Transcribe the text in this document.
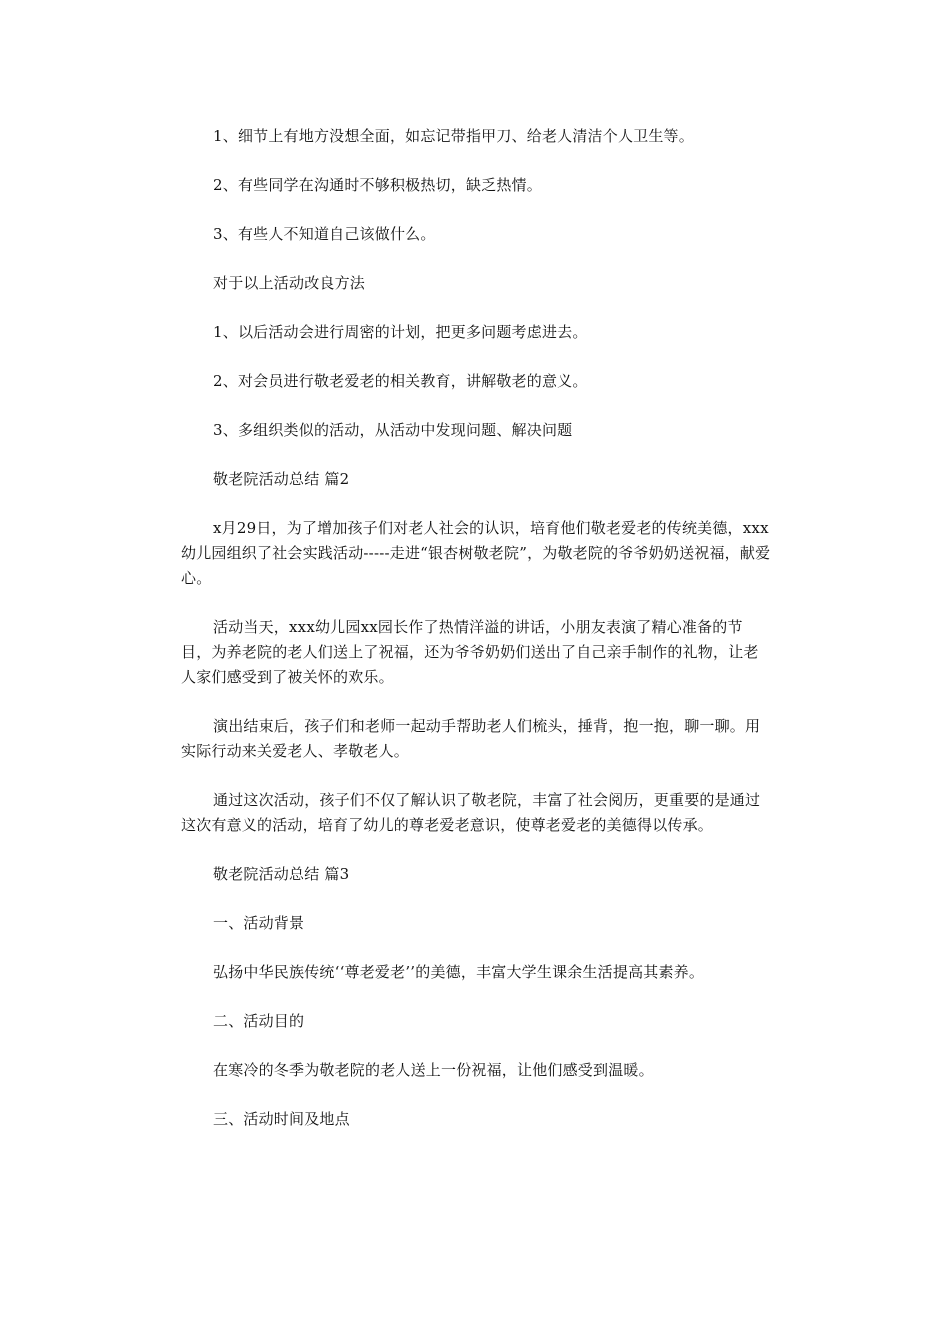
1、细节上有地方没想全面，如忘记带指甲刀、给老人清洁个人卫生等。

2、有些同学在沟通时不够积极热切，缺乏热情。

3、有些人不知道自己该做什么。

对于以上活动改良方法

1、以后活动会进行周密的计划，把更多问题考虑进去。

2、对会员进行敬老爱老的相关教育，讲解敬老的意义。

3、多组织类似的活动，从活动中发现问题、解决问题

敬老院活动总结 篇2

x月29日，为了增加孩子们对老人社会的认识，培育他们敬老爱老的传统美德，xxx幼儿园组织了社会实践活动-----走进“银杏树敬老院”，为敬老院的爷爷奶奶送祝福，献爱心。

活动当天，xxx幼儿园xx园长作了热情洋溢的讲话，小朋友表演了精心准备的节目，为养老院的老人们送上了祝福，还为爷爷奶奶们送出了自己亲手制作的礼物，让老人家们感受到了被关怀的欢乐。

演出结束后，孩子们和老师一起动手帮助老人们梳头，捶背，抱一抱，聊一聊。用实际行动来关爱老人、孝敬老人。

通过这次活动，孩子们不仅了解认识了敬老院，丰富了社会阅历，更重要的是通过这次有意义的活动，培育了幼儿的尊老爱老意识，使尊老爱老的美德得以传承。

敬老院活动总结 篇3

一、活动背景

弘扬中华民族传统‘‘尊老爱老’’的美德，丰富大学生课余生活提高其素养。

二、活动目的

在寒冷的冬季为敬老院的老人送上一份祝福，让他们感受到温暖。

三、活动时间及地点
